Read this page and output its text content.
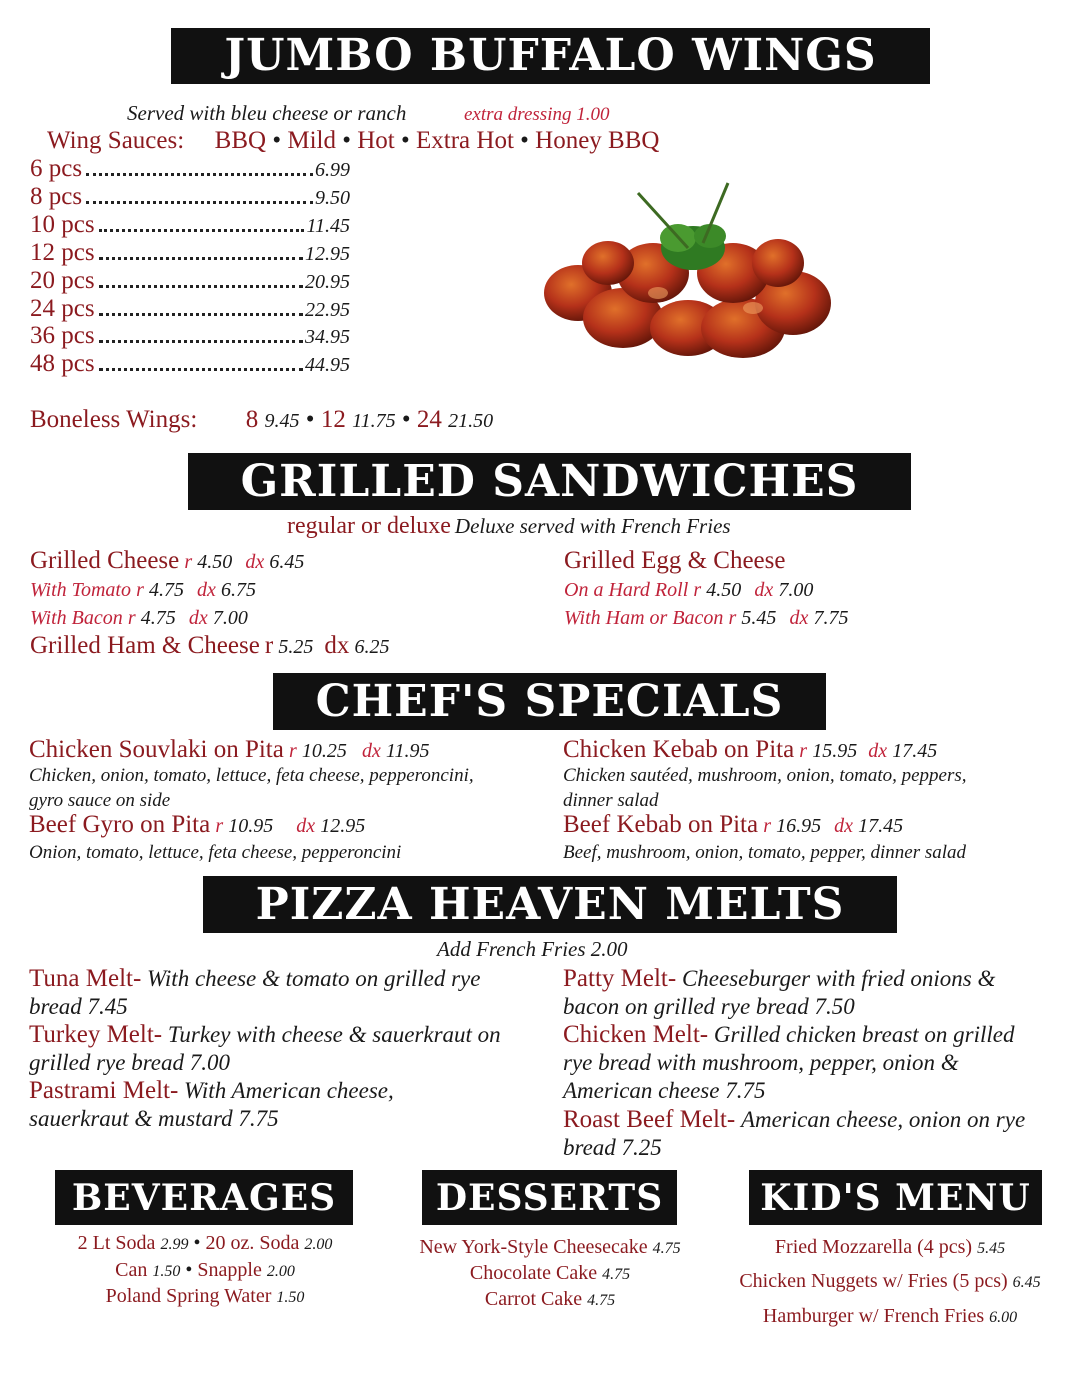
JUMBO BUFFALO WINGS
Served with bleu cheese or ranch	extra dressing 1.00
Wing Sauces: BBQ • Mild • Hot • Extra Hot • Honey BBQ
6 pcs	6.99
8 pcs	9.50
10 pcs	11.45
12 pcs	12.95
20 pcs	20.95
24 pcs	22.95
36 pcs	34.95
48 pcs	44.95
Boneless Wings: 8 9.45 • 12 11.75 • 24 21.50
GRILLED SANDWICHES
regular or deluxe Deluxe served with French Fries
Grilled Cheese r 4.50 dx 6.45
With Tomato r 4.75 dx 6.75
With Bacon r 4.75 dx 7.00
Grilled Ham & Cheese r 5.25 dx 6.25
Grilled Egg & Cheese
On a Hard Roll r 4.50 dx 7.00
With Ham or Bacon r 5.45 dx 7.75
CHEF'S SPECIALS
Chicken Souvlaki on Pita r 10.25 dx 11.95
Chicken, onion, tomato, lettuce, feta cheese, pepperoncini,
gyro sauce on side
Beef Gyro on Pita r 10.95 dx 12.95
Onion, tomato, lettuce, feta cheese, pepperoncini
Chicken Kebab on Pita r 15.95 dx 17.45
Chicken sautéed, mushroom, onion, tomato, peppers,
dinner salad
Beef Kebab on Pita r 16.95 dx 17.45
Beef, mushroom, onion, tomato, pepper, dinner salad
PIZZA HEAVEN MELTS
Add French Fries 2.00
Tuna Melt- With cheese & tomato on grilled rye bread 7.45
Turkey Melt- Turkey with cheese & sauerkraut on grilled rye bread 7.00
Pastrami Melt- With American cheese, sauerkraut & mustard 7.75
Patty Melt- Cheeseburger with fried onions & bacon on grilled rye bread 7.50
Chicken Melt- Grilled chicken breast on grilled rye bread with mushroom, pepper, onion & American cheese 7.75
Roast Beef Melt- American cheese, onion on rye bread 7.25
BEVERAGES
2 Lt Soda 2.99 • 20 oz. Soda 2.00
Can 1.50 • Snapple 2.00
Poland Spring Water 1.50
DESSERTS
New York-Style Cheesecake 4.75
Chocolate Cake 4.75
Carrot Cake 4.75
KID'S MENU
Fried Mozzarella (4 pcs) 5.45
Chicken Nuggets w/ Fries (5 pcs) 6.45
Hamburger w/ French Fries 6.00
